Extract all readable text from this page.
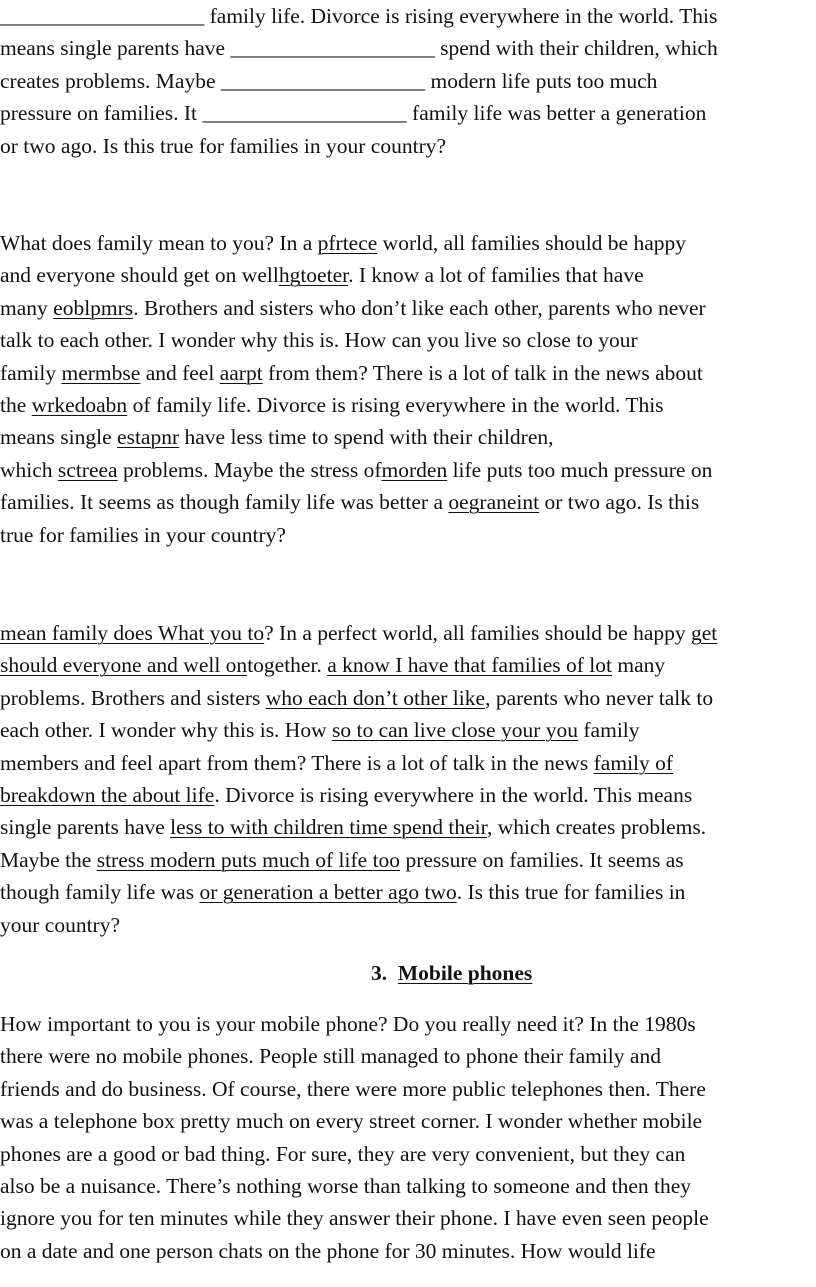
___________________ family life. Divorce is rising everywhere in the world. This
means single parents have ___________________ spend with their children, which
creates problems. Maybe ___________________ modern life puts too much
pressure on families. It ___________________ family life was better a generation
or two ago. Is this true for families in your country?
What does family mean to you? In a pfrtece world, all families should be happy
and everyone should get on wellhgtoeter. I know a lot of families that have
many eoblpmrs. Brothers and sisters who don’t like each other, parents who never
talk to each other. I wonder why this is. How can you live so close to your
family mermbse and feel aarpt from them? There is a lot of talk in the news about
the wrkedoabn of family life. Divorce is rising everywhere in the world. This
means single estapnr have less time to spend with their children,
which sctreea problems. Maybe the stress ofmorden life puts too much pressure on
families. It seems as though family life was better a oegraneint or two ago. Is this
true for families in your country?
mean family does What you to? In a perfect world, all families should be happy get
should everyone and well ontogether. a know I have that families of lot many
problems. Brothers and sisters who each don’t other like, parents who never talk to
each other. I wonder why this is. How so to can live close your you family
members and feel apart from them? There is a lot of talk in the news family of
breakdown the about life. Divorce is rising everywhere in the world. This means
single parents have less to with children time spend their, which creates problems.
Maybe the stress modern puts much of life too pressure on families. It seems as
though family life was or generation a better ago two. Is this true for families in
your country?
3. Mobile phones
How important to you is your mobile phone? Do you really need it? In the 1980s
there were no mobile phones. People still managed to phone their family and
friends and do business. Of course, there were more public telephones then. There
was a telephone box pretty much on every street corner. I wonder whether mobile
phones are a good or bad thing. For sure, they are very convenient, but they can
also be a nuisance. There’s nothing worse than talking to someone and then they
ignore you for ten minutes while they answer their phone. I have even seen people
on a date and one person chats on the phone for 30 minutes. How would life
